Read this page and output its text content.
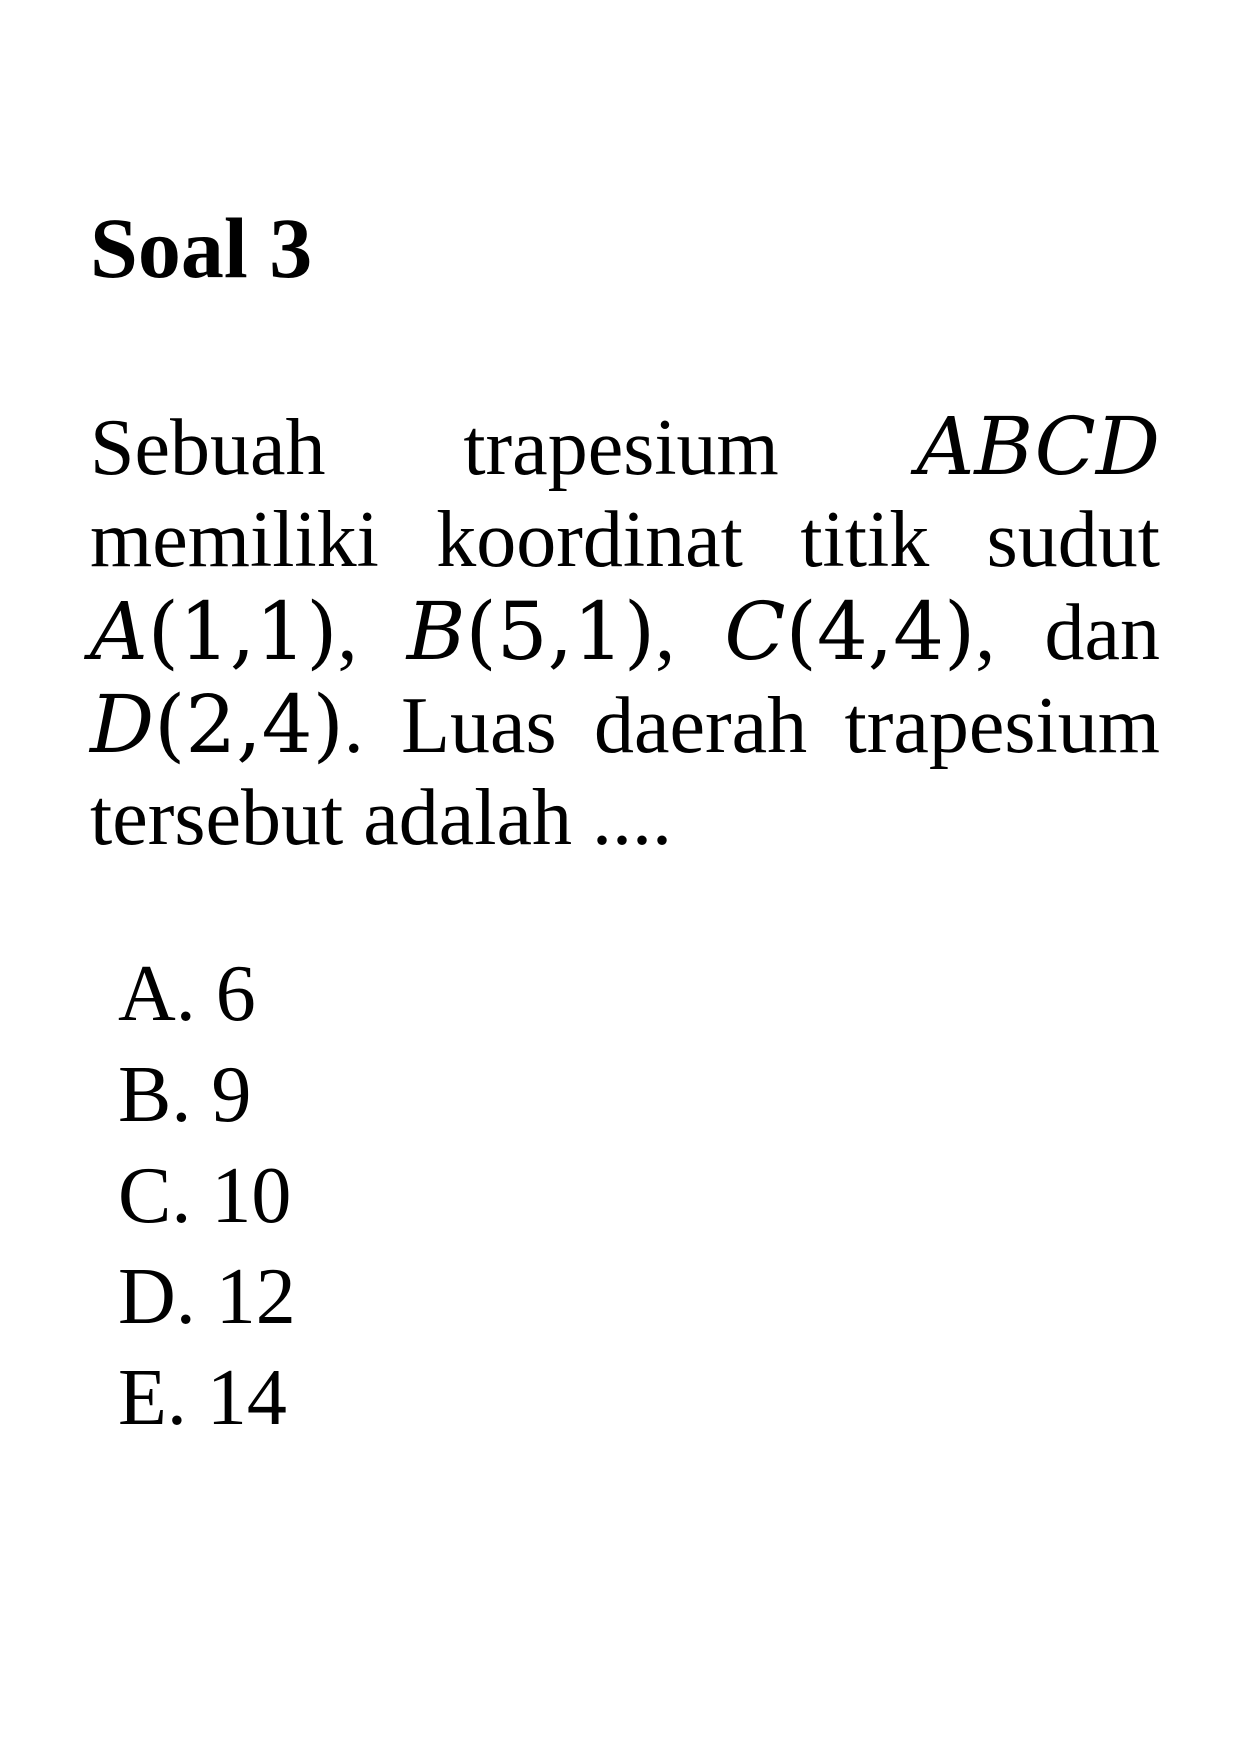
Soal 3

Sebuah trapesium ABCD memiliki koordinat titik sudut A(1,1), B(5,1), C(4,4), dan D(2,4). Luas daerah trapesium tersebut adalah ....

A. 6
B. 9
C. 10
D. 12
E. 14
